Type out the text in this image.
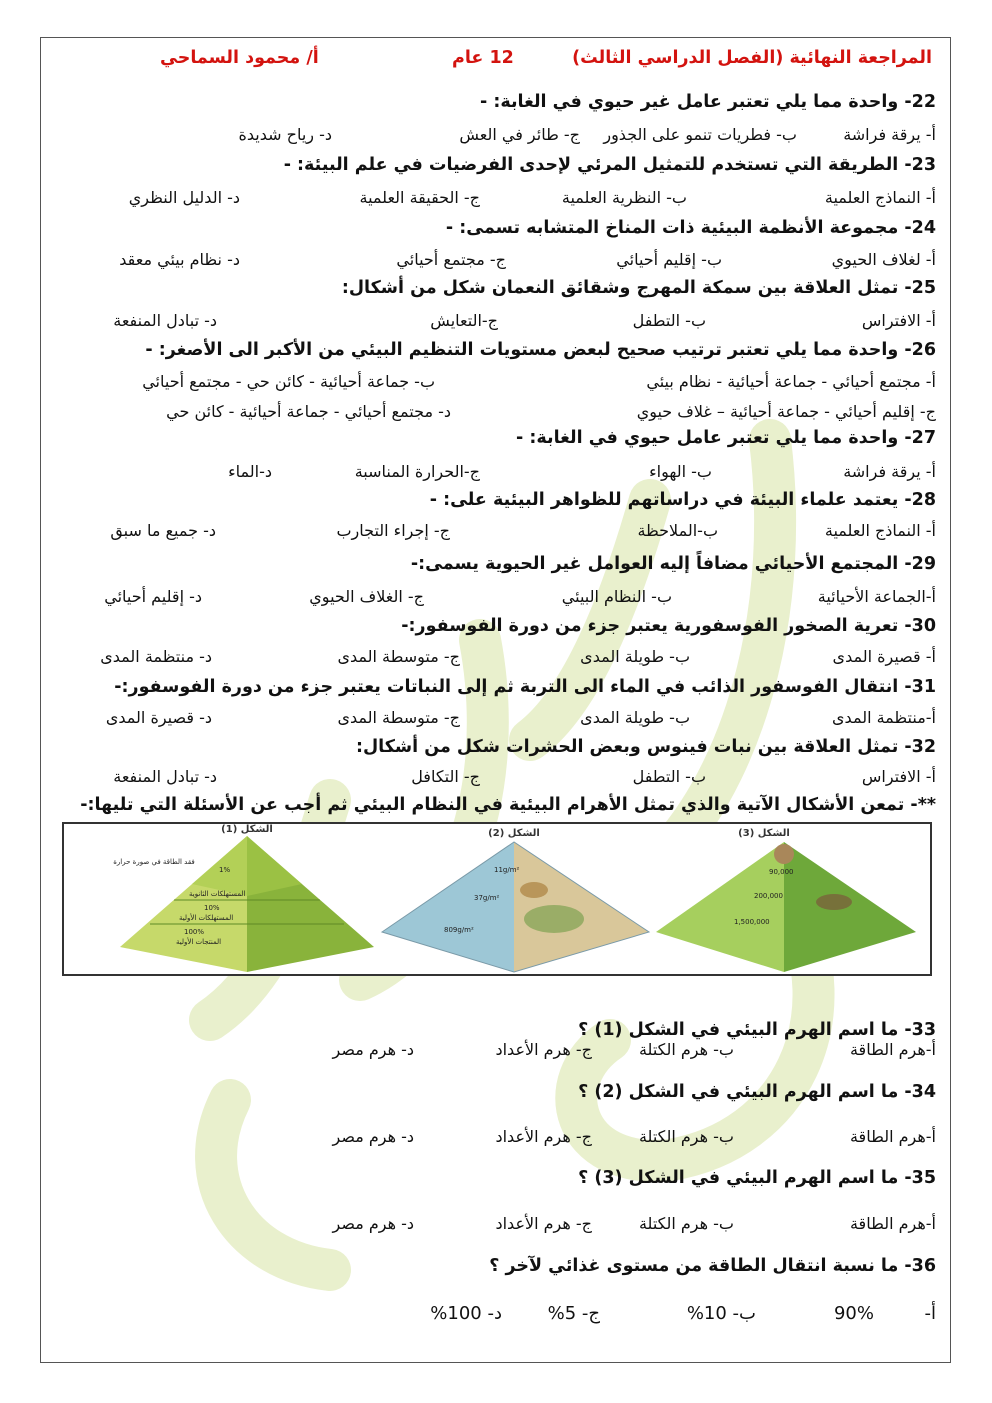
المراجعة النهائية (الفصل الدراسي الثالث)
12 عام
أ/ محمود السماحي
22- واحدة مما يلي تعتبر عامل غير حيوي في الغابة: -
أ- يرقة فراشة
ب- فطريات تنمو على الجذور
ج- طائر في العش
د- رياح شديدة
23- الطريقة التي تستخدم للتمثيل المرئي لإحدى الفرضيات في علم البيئة: -
أ- النماذج العلمية
ب- النظرية العلمية
ج- الحقيقة العلمية
د- الدليل النظري
24- مجموعة الأنظمة البيئية ذات المناخ المتشابه تسمى: -
أ- لغلاف الحيوي
ب- إقليم أحيائي
ج- مجتمع أحيائي
د- نظام بيئي معقد
25- تمثل العلاقة بين سمكة المهرج وشقائق النعمان شكل من أشكال:
أ- الافتراس
ب- التطفل
ج-التعايش
د- تبادل المنفعة
26- واحدة مما يلي تعتبر ترتيب صحيح لبعض مستويات التنظيم البيئي من الأكبر الى الأصغر: -
أ- مجتمع أحيائي - جماعة أحيائية - نظام بيئي
ب- جماعة أحيائية - كائن حي - مجتمع أحيائي
ج- إقليم أحيائي - جماعة أحيائية – غلاف حيوي
د- مجتمع أحيائي - جماعة أحيائية - كائن حي
27- واحدة مما يلي تعتبر عامل حيوي في الغابة: -
أ- يرقة فراشة
ب- الهواء
ج-الحرارة المناسبة
د-الماء
28- يعتمد علماء البيئة في دراساتهم للظواهر البيئية على: -
أ- النماذج العلمية
ب-الملاحظة
ج- إجراء التجارب
د- جميع ما سبق
29- المجتمع الأحيائي مضافاً إليه العوامل غير الحيوية يسمى:-
أ-الجماعة الأحيائية
ب- النظام البيئي
ج- الغلاف الحيوي
د- إقليم أحيائي
30- تعرية الصخور الفوسفورية يعتبر جزء من دورة الفوسفور:-
أ- قصيرة المدى
ب- طويلة المدى
ج- متوسطة المدى
د- منتظمة المدى
31- انتقال الفوسفور الذائب في الماء الى التربة ثم إلى النباتات يعتبر جزء من دورة الفوسفور:-
أ-منتظمة المدى
ب- طويلة المدى
ج- متوسطة المدى
د- قصيرة المدى
32- تمثل العلاقة بين نبات فينوس وبعض الحشرات شكل من أشكال:
أ- الافتراس
ب- التطفل
ج- التكافل
د- تبادل المنفعة
**- تمعن الأشكال الآتية والذي تمثل الأهرام البيئية في النظام البيئي ثم أجب عن الأسئلة التي تليها:-
الشكل (1)
فقد الطاقة في صورة حرارة
1%
المستهلكات الثانوية
10%
المستهلكات الأولية
100%
المنتجات الأولية
الشكل (2)
11g/m²
37g/m²
809g/m²
الشكل (3)
90,000
200,000
1,500,000
33- ما اسم الهرم البيئي في الشكل (1) ؟
أ-هرم الطاقة
ب- هرم الكتلة
ج- هرم الأعداد
د- هرم مصر
34- ما اسم الهرم البيئي في الشكل (2) ؟
أ-هرم الطاقة
ب- هرم الكتلة
ج- هرم الأعداد
د- هرم مصر
35- ما اسم الهرم البيئي في الشكل (3) ؟
أ-هرم الطاقة
ب- هرم الكتلة
ج- هرم الأعداد
د- هرم مصر
36- ما نسبة انتقال الطاقة من مستوى غذائي لآخر ؟
أ-
90%
ب- 10%
ج- 5%
د- 100%
